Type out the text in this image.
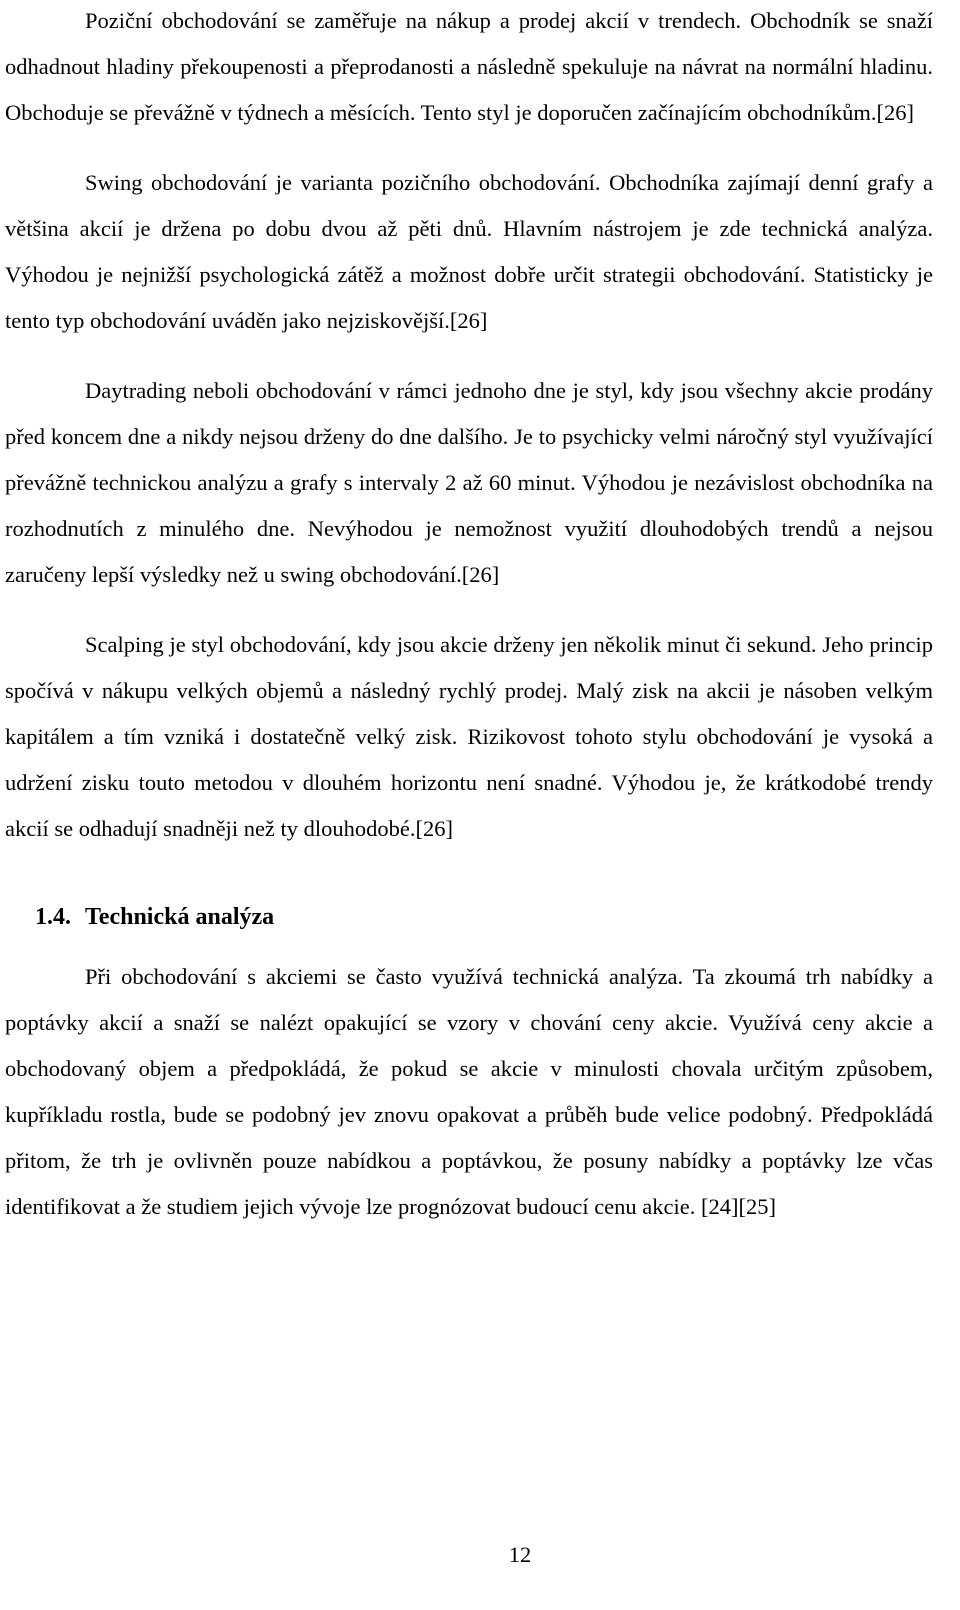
Poziční obchodování se zaměřuje na nákup a prodej akcií v trendech. Obchodník se snaží odhadnout hladiny překoupenosti a přeprodanosti a následně spekuluje na návrat na normální hladinu. Obchoduje se převážně v týdnech a měsících. Tento styl je doporučen začínajícím obchodníkům.[26]

Swing obchodování je varianta pozičního obchodování. Obchodníka zajímají denní grafy a většina akcií je držena po dobu dvou až pěti dnů. Hlavním nástrojem je zde technická analýza. Výhodou je nejnižší psychologická zátěž a možnost dobře určit strategii obchodování. Statisticky je tento typ obchodování uváděn jako nejziskovější.[26]

Daytrading neboli obchodování v rámci jednoho dne je styl, kdy jsou všechny akcie prodány před koncem dne a nikdy nejsou drženy do dne dalšího. Je to psychicky velmi náročný styl využívající převážně technickou analýzu a grafy s intervaly 2 až 60 minut. Výhodou je nezávislost obchodníka na rozhodnutích z minulého dne. Nevýhodou je nemožnost využití dlouhodobých trendů a nejsou zaručeny lepší výsledky než u swing obchodování.[26]

Scalping je styl obchodování, kdy jsou akcie drženy jen několik minut či sekund. Jeho princip spočívá v nákupu velkých objemů a následný rychlý prodej. Malý zisk na akcii je násoben velkým kapitálem a tím vzniká i dostatečně velký zisk. Rizikovost tohoto stylu obchodování je vysoká a udržení zisku touto metodou v dlouhém horizontu není snadné. Výhodou je, že krátkodobé trendy akcií se odhadují snadněji než ty dlouhodobé.[26]

1.4. Technická analýza

Při obchodování s akciemi se často využívá technická analýza. Ta zkoumá trh nabídky a poptávky akcií a snaží se nalézt opakující se vzory v chování ceny akcie. Využívá ceny akcie a obchodovaný objem a předpokládá, že pokud se akcie v minulosti chovala určitým způsobem, kupříkladu rostla, bude se podobný jev znovu opakovat a průběh bude velice podobný. Předpokládá přitom, že trh je ovlivněn pouze nabídkou a poptávkou, že posuny nabídky a poptávky lze včas identifikovat a že studiem jejich vývoje lze prognózovat budoucí cenu akcie. [24][25]

12
